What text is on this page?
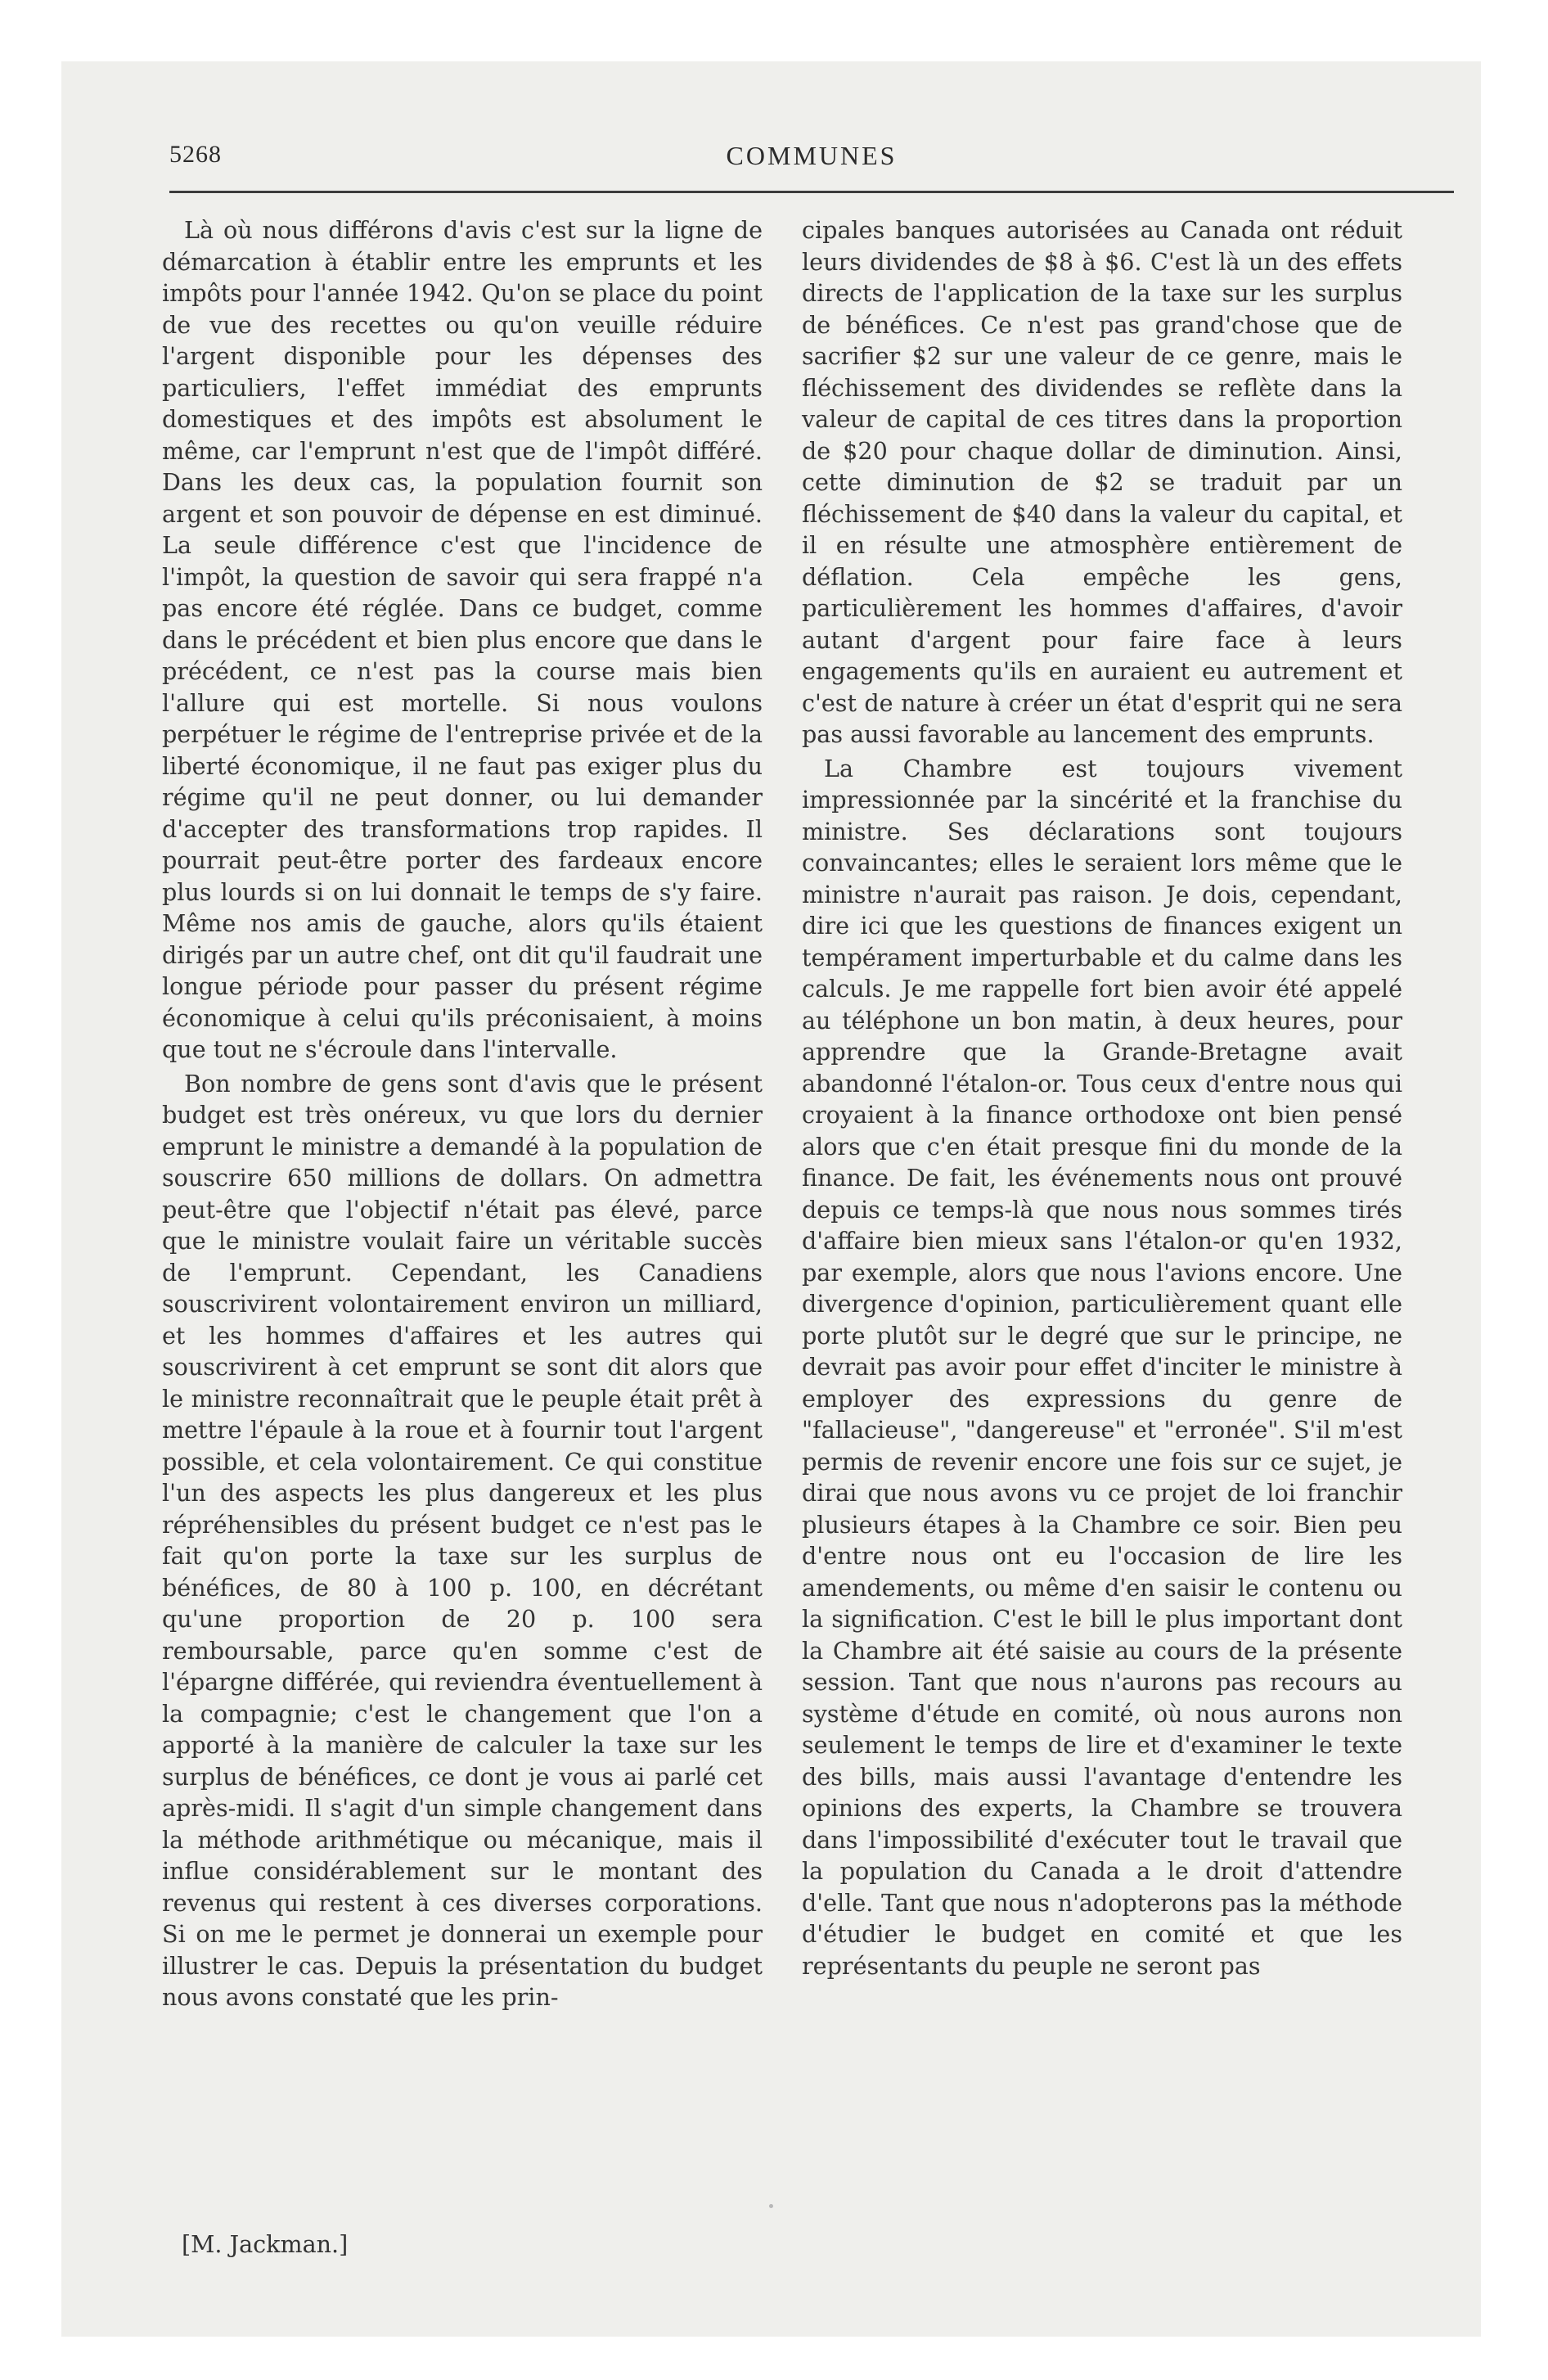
5268	COMMUNES

Là où nous différons d'avis c'est sur la ligne de démarcation à établir entre les emprunts et les impôts pour l'année 1942. Qu'on se place du point de vue des recettes ou qu'on veuille réduire l'argent disponible pour les dépenses des particuliers, l'effet immédiat des emprunts domestiques et des impôts est absolument le même, car l'emprunt n'est que de l'impôt différé. Dans les deux cas, la population fournit son argent et son pouvoir de dépense en est diminué. La seule différence c'est que l'incidence de l'impôt, la question de savoir qui sera frappé n'a pas encore été réglée. Dans ce budget, comme dans le précédent et bien plus encore que dans le précédent, ce n'est pas la course mais bien l'allure qui est mortelle. Si nous voulons perpétuer le régime de l'entreprise privée et de la liberté économique, il ne faut pas exiger plus du régime qu'il ne peut donner, ou lui demander d'accepter des transformations trop rapides. Il pourrait peut-être porter des fardeaux encore plus lourds si on lui donnait le temps de s'y faire. Même nos amis de gauche, alors qu'ils étaient dirigés par un autre chef, ont dit qu'il faudrait une longue période pour passer du présent régime économique à celui qu'ils préconisaient, à moins que tout ne s'écroule dans l'intervalle.

Bon nombre de gens sont d'avis que le présent budget est très onéreux, vu que lors du dernier emprunt le ministre a demandé à la population de souscrire 650 millions de dollars. On admettra peut-être que l'objectif n'était pas élevé, parce que le ministre voulait faire un véritable succès de l'emprunt. Cependant, les Canadiens souscrivirent volontairement environ un milliard, et les hommes d'affaires et les autres qui souscrivirent à cet emprunt se sont dit alors que le ministre reconnaîtrait que le peuple était prêt à mettre l'épaule à la roue et à fournir tout l'argent possible, et cela volontairement. Ce qui constitue l'un des aspects les plus dangereux et les plus répréhensibles du présent budget ce n'est pas le fait qu'on porte la taxe sur les surplus de bénéfices, de 80 à 100 p. 100, en décrétant qu'une proportion de 20 p. 100 sera remboursable, parce qu'en somme c'est de l'épargne différée, qui reviendra éventuellement à la compagnie; c'est le changement que l'on a apporté à la manière de calculer la taxe sur les surplus de bénéfices, ce dont je vous ai parlé cet après-midi. Il s'agit d'un simple changement dans la méthode arithmétique ou mécanique, mais il influe considérablement sur le montant des revenus qui restent à ces diverses corporations. Si on me le permet je donnerai un exemple pour illustrer le cas. Depuis la présentation du budget nous avons constaté que les prin-

cipales banques autorisées au Canada ont réduit leurs dividendes de $8 à $6. C'est là un des effets directs de l'application de la taxe sur les surplus de bénéfices. Ce n'est pas grand'chose que de sacrifier $2 sur une valeur de ce genre, mais le fléchissement des dividendes se reflète dans la valeur de capital de ces titres dans la proportion de $20 pour chaque dollar de diminution. Ainsi, cette diminution de $2 se traduit par un fléchissement de $40 dans la valeur du capital, et il en résulte une atmosphère entièrement de déflation. Cela empêche les gens, particulièrement les hommes d'affaires, d'avoir autant d'argent pour faire face à leurs engagements qu'ils en auraient eu autrement et c'est de nature à créer un état d'esprit qui ne sera pas aussi favorable au lancement des emprunts.

La Chambre est toujours vivement impressionnée par la sincérité et la franchise du ministre. Ses déclarations sont toujours convaincantes; elles le seraient lors même que le ministre n'aurait pas raison. Je dois, cependant, dire ici que les questions de finances exigent un tempérament imperturbable et du calme dans les calculs. Je me rappelle fort bien avoir été appelé au téléphone un bon matin, à deux heures, pour apprendre que la Grande-Bretagne avait abandonné l'étalon-or. Tous ceux d'entre nous qui croyaient à la finance orthodoxe ont bien pensé alors que c'en était presque fini du monde de la finance. De fait, les événements nous ont prouvé depuis ce temps-là que nous nous sommes tirés d'affaire bien mieux sans l'étalon-or qu'en 1932, par exemple, alors que nous l'avions encore. Une divergence d'opinion, particulièrement quant elle porte plutôt sur le degré que sur le principe, ne devrait pas avoir pour effet d'inciter le ministre à employer des expressions du genre de "fallacieuse", "dangereuse" et "erronée". S'il m'est permis de revenir encore une fois sur ce sujet, je dirai que nous avons vu ce projet de loi franchir plusieurs étapes à la Chambre ce soir. Bien peu d'entre nous ont eu l'occasion de lire les amendements, ou même d'en saisir le contenu ou la signification. C'est le bill le plus important dont la Chambre ait été saisie au cours de la présente session. Tant que nous n'aurons pas recours au système d'étude en comité, où nous aurons non seulement le temps de lire et d'examiner le texte des bills, mais aussi l'avantage d'entendre les opinions des experts, la Chambre se trouvera dans l'impossibilité d'exécuter tout le travail que la population du Canada a le droit d'attendre d'elle. Tant que nous n'adopterons pas la méthode d'étudier le budget en comité et que les représentants du peuple ne seront pas

[M. Jackman.]
